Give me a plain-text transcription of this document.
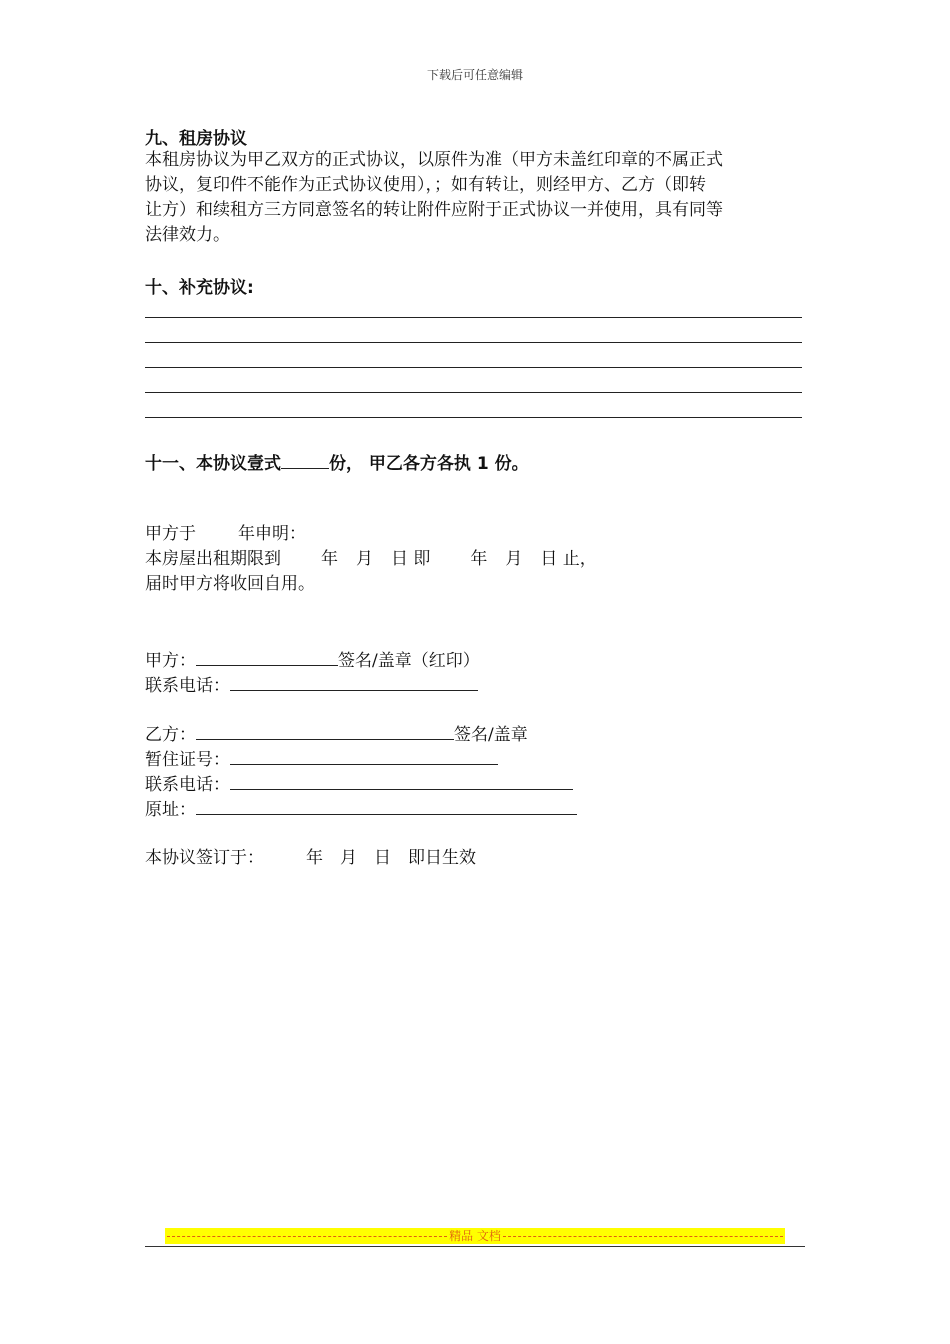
下载后可任意编辑
九、租房协议
本租房协议为甲乙双方的正式协议，以原件为准（甲方未盖红印章的不属正式
协议，复印件不能作为正式协议使用），；如有转让，则经甲方、乙方（即转
让方）和续租方三方同意签名的转让附件应附于正式协议一并使用，具有同等
法律效力。
十、补充协议:
十一、本协议壹式	份， 甲乙各方各执 1 份。
甲方于 年申明：
本房屋出租期限到 年 月 日 即 年 月 日 止，
届时甲方将收回自用。
甲方：	签名/盖章（红印）
联系电话：
乙方：	签名/盖章
暂住证号：
联系电话：
原址：
本协议签订于： 年 月 日 即日生效
精品 文档
